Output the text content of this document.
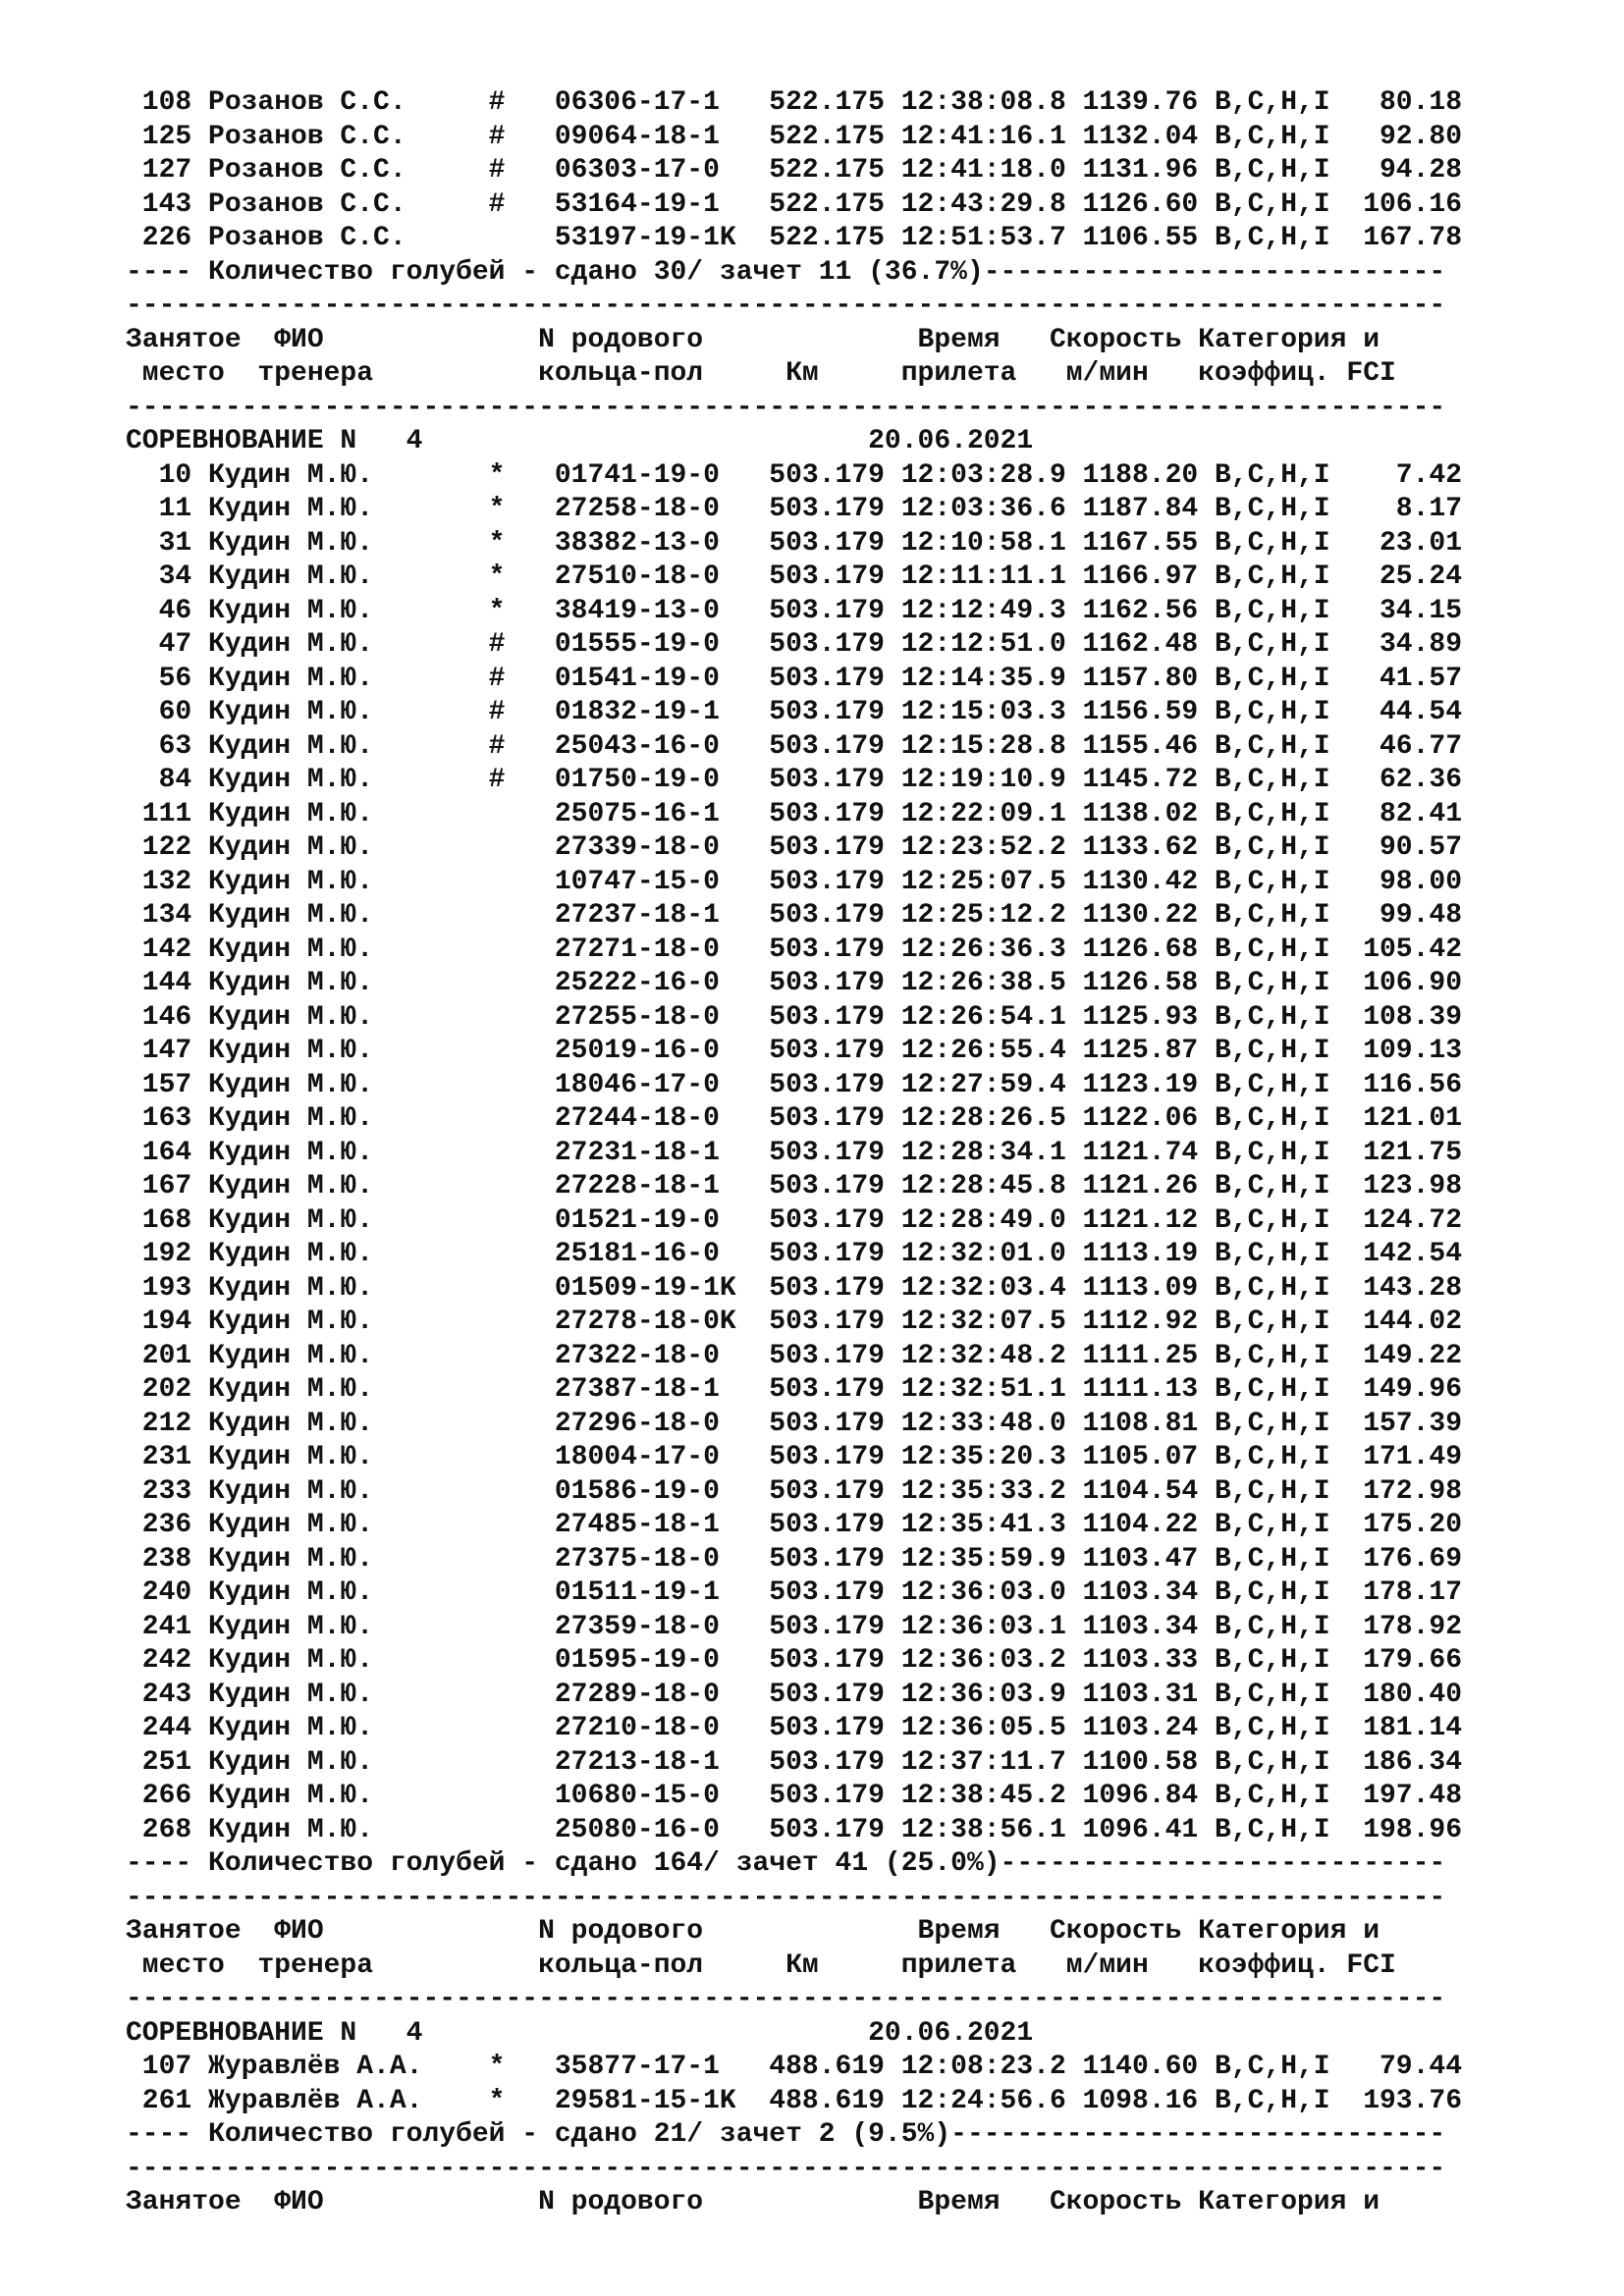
108 Розанов С.С.     #   06306-17-1   522.175 12:38:08.8 1139.76 B,C,H,I   80.18
125 Розанов С.С.     #   09064-18-1   522.175 12:41:16.1 1132.04 B,C,H,I   92.80
127 Розанов С.С.     #   06303-17-0   522.175 12:41:18.0 1131.96 B,C,H,I   94.28
143 Розанов С.С.     #   53164-19-1   522.175 12:43:29.8 1126.60 B,C,H,I  106.16
226 Розанов С.С.         53197-19-1K  522.175 12:51:53.7 1106.55 B,C,H,I  167.78
---- Количество голубей - сдано 30/ зачет 11 (36.7%)----------------------------
--------------------------------------------------------------------------------
Занятое  ФИО             N родового             Время   Скорость Категория и
место  тренера          кольца-пол     Км     прилета   м/мин   коэффиц. FCI
--------------------------------------------------------------------------------
СОРЕВНОВАНИЕ N   4                           20.06.2021
10 Кудин М.Ю.       *   01741-19-0   503.179 12:03:28.9 1188.20 B,C,H,I    7.42
11 Кудин М.Ю.       *   27258-18-0   503.179 12:03:36.6 1187.84 B,C,H,I    8.17
31 Кудин М.Ю.       *   38382-13-0   503.179 12:10:58.1 1167.55 B,C,H,I   23.01
34 Кудин М.Ю.       *   27510-18-0   503.179 12:11:11.1 1166.97 B,C,H,I   25.24
46 Кудин М.Ю.       *   38419-13-0   503.179 12:12:49.3 1162.56 B,C,H,I   34.15
47 Кудин М.Ю.       #   01555-19-0   503.179 12:12:51.0 1162.48 B,C,H,I   34.89
56 Кудин М.Ю.       #   01541-19-0   503.179 12:14:35.9 1157.80 B,C,H,I   41.57
60 Кудин М.Ю.       #   01832-19-1   503.179 12:15:03.3 1156.59 B,C,H,I   44.54
63 Кудин М.Ю.       #   25043-16-0   503.179 12:15:28.8 1155.46 B,C,H,I   46.77
84 Кудин М.Ю.       #   01750-19-0   503.179 12:19:10.9 1145.72 B,C,H,I   62.36
111 Кудин М.Ю.           25075-16-1   503.179 12:22:09.1 1138.02 B,C,H,I   82.41
122 Кудин М.Ю.           27339-18-0   503.179 12:23:52.2 1133.62 B,C,H,I   90.57
132 Кудин М.Ю.           10747-15-0   503.179 12:25:07.5 1130.42 B,C,H,I   98.00
134 Кудин М.Ю.           27237-18-1   503.179 12:25:12.2 1130.22 B,C,H,I   99.48
142 Кудин М.Ю.           27271-18-0   503.179 12:26:36.3 1126.68 B,C,H,I  105.42
144 Кудин М.Ю.           25222-16-0   503.179 12:26:38.5 1126.58 B,C,H,I  106.90
146 Кудин М.Ю.           27255-18-0   503.179 12:26:54.1 1125.93 B,C,H,I  108.39
147 Кудин М.Ю.           25019-16-0   503.179 12:26:55.4 1125.87 B,C,H,I  109.13
157 Кудин М.Ю.           18046-17-0   503.179 12:27:59.4 1123.19 B,C,H,I  116.56
163 Кудин М.Ю.           27244-18-0   503.179 12:28:26.5 1122.06 B,C,H,I  121.01
164 Кудин М.Ю.           27231-18-1   503.179 12:28:34.1 1121.74 B,C,H,I  121.75
167 Кудин М.Ю.           27228-18-1   503.179 12:28:45.8 1121.26 B,C,H,I  123.98
168 Кудин М.Ю.           01521-19-0   503.179 12:28:49.0 1121.12 B,C,H,I  124.72
192 Кудин М.Ю.           25181-16-0   503.179 12:32:01.0 1113.19 B,C,H,I  142.54
193 Кудин М.Ю.           01509-19-1K  503.179 12:32:03.4 1113.09 B,C,H,I  143.28
194 Кудин М.Ю.           27278-18-0K  503.179 12:32:07.5 1112.92 B,C,H,I  144.02
201 Кудин М.Ю.           27322-18-0   503.179 12:32:48.2 1111.25 B,C,H,I  149.22
202 Кудин М.Ю.           27387-18-1   503.179 12:32:51.1 1111.13 B,C,H,I  149.96
212 Кудин М.Ю.           27296-18-0   503.179 12:33:48.0 1108.81 B,C,H,I  157.39
231 Кудин М.Ю.           18004-17-0   503.179 12:35:20.3 1105.07 B,C,H,I  171.49
233 Кудин М.Ю.           01586-19-0   503.179 12:35:33.2 1104.54 B,C,H,I  172.98
236 Кудин М.Ю.           27485-18-1   503.179 12:35:41.3 1104.22 B,C,H,I  175.20
238 Кудин М.Ю.           27375-18-0   503.179 12:35:59.9 1103.47 B,C,H,I  176.69
240 Кудин М.Ю.           01511-19-1   503.179 12:36:03.0 1103.34 B,C,H,I  178.17
241 Кудин М.Ю.           27359-18-0   503.179 12:36:03.1 1103.34 B,C,H,I  178.92
242 Кудин М.Ю.           01595-19-0   503.179 12:36:03.2 1103.33 B,C,H,I  179.66
243 Кудин М.Ю.           27289-18-0   503.179 12:36:03.9 1103.31 B,C,H,I  180.40
244 Кудин М.Ю.           27210-18-0   503.179 12:36:05.5 1103.24 B,C,H,I  181.14
251 Кудин М.Ю.           27213-18-1   503.179 12:37:11.7 1100.58 B,C,H,I  186.34
266 Кудин М.Ю.           10680-15-0   503.179 12:38:45.2 1096.84 B,C,H,I  197.48
268 Кудин М.Ю.           25080-16-0   503.179 12:38:56.1 1096.41 B,C,H,I  198.96
---- Количество голубей - сдано 164/ зачет 41 (25.0%)---------------------------
--------------------------------------------------------------------------------
Занятое  ФИО             N родового             Время   Скорость Категория и
место  тренера          кольца-пол     Км     прилета   м/мин   коэффиц. FCI
--------------------------------------------------------------------------------
СОРЕВНОВАНИЕ N   4                           20.06.2021
107 Журавлёв А.А.    *   35877-17-1   488.619 12:08:23.2 1140.60 B,C,H,I   79.44
261 Журавлёв А.А.    *   29581-15-1K  488.619 12:24:56.6 1098.16 B,C,H,I  193.76
---- Количество голубей - сдано 21/ зачет 2 (9.5%)------------------------------
--------------------------------------------------------------------------------
Занятое  ФИО             N родового             Время   Скорость Категория и
